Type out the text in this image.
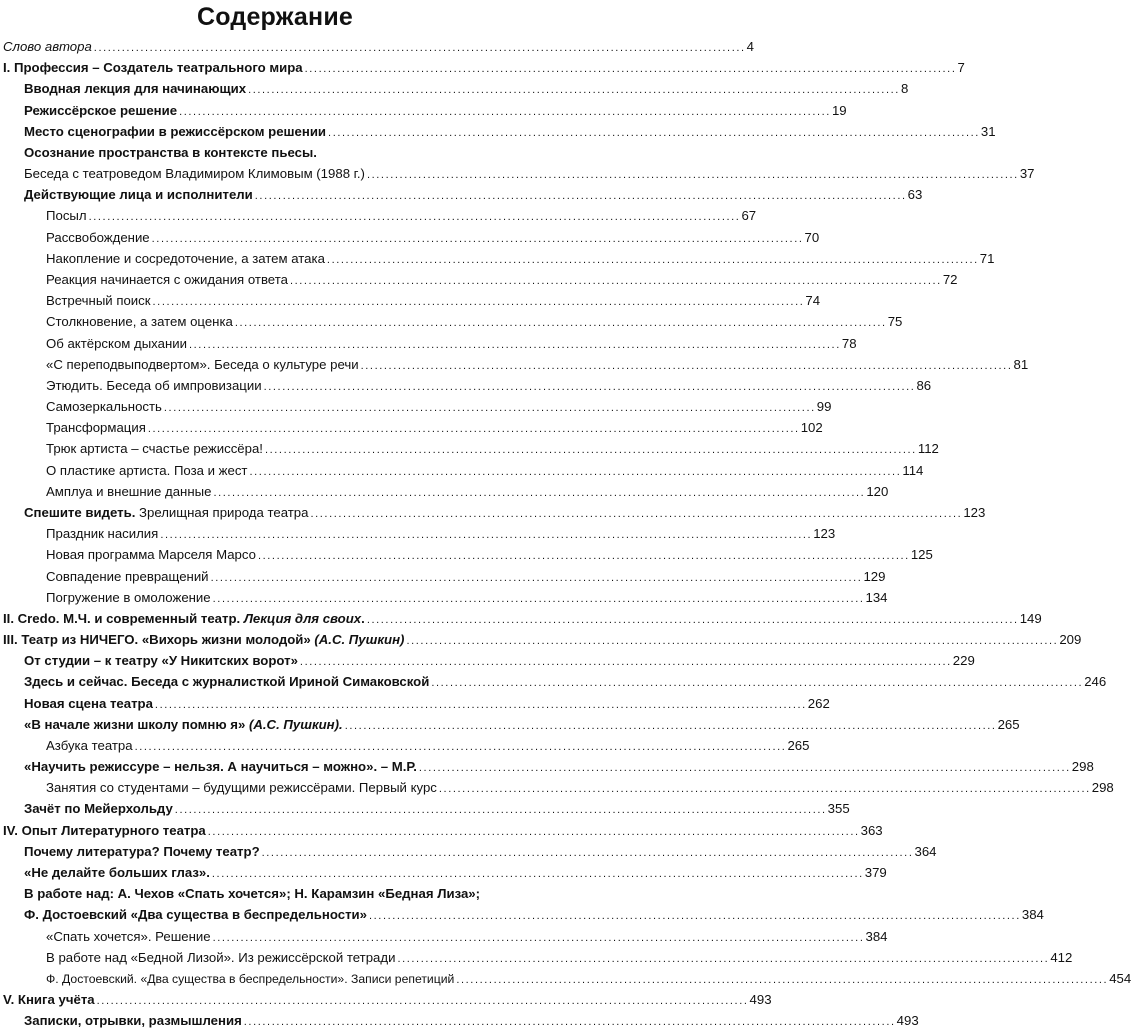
Содержание
Слово автора ............................................................................................................................................ 4
I. Профессия – Создатель театрального мира ............................................................................................................................................ 7
Вводная лекция для начинающих ............................................................................................................................................ 8
Режиссёрское решение ............................................................................................................................................ 19
Место сценографии в режиссёрском решении ............................................................................................................................................ 31
Осознание пространства в контексте пьесы.
Беседа с театроведом Владимиром Климовым (1988 г.) ............................................................................................................................................ 37
Действующие лица и исполнители ............................................................................................................................................ 63
Посыл ............................................................................................................................................ 67
Рассвобождение ............................................................................................................................................ 70
Накопление и сосредоточение, а затем атака ............................................................................................................................................ 71
Реакция начинается с ожидания ответа ............................................................................................................................................ 72
Встречный поиск ............................................................................................................................................ 74
Столкновение, а затем оценка ............................................................................................................................................ 75
Об актёрском дыхании ............................................................................................................................................ 78
«С переподвыподвертом». Беседа о культуре речи ............................................................................................................................................ 81
Этюдить. Беседа об импровизации ............................................................................................................................................ 86
Самозеркальность ............................................................................................................................................ 99
Трансформация ............................................................................................................................................ 102
Трюк артиста – счастье режиссёра! ............................................................................................................................................ 112
О пластике артиста. Поза и жест ............................................................................................................................................ 114
Амплуа и внешние данные ............................................................................................................................................ 120
Спешите видеть. Зрелищная природа театра ............................................................................................................................................ 123
Праздник насилия ............................................................................................................................................ 123
Новая программа Марселя Марсо ............................................................................................................................................ 125
Совпадение превращений ............................................................................................................................................ 129
Погружение в омоложение ............................................................................................................................................ 134
II. Credo. М.Ч. и современный театр. Лекция для своих. ............................................................................................................................................ 149
III. Театр из НИЧЕГО. «Вихорь жизни молодой» (А.С. Пушкин) ............................................................................................................................................ 209
От студии – к театру «У Никитских ворот» ............................................................................................................................................ 229
Здесь и сейчас. Беседа с журналисткой Ириной Симаковской ............................................................................................................................................ 246
Новая сцена театра ............................................................................................................................................ 262
«В начале жизни школу помню я» (А.С. Пушкин). ............................................................................................................................................ 265
Азбука театра ............................................................................................................................................ 265
«Научить режиссуре – нельзя. А научиться – можно». – М.Р. ............................................................................................................................................ 298
Занятия со студентами – будущими режиссёрами. Первый курс ............................................................................................................................................ 298
Зачёт по Мейерхольду ............................................................................................................................................ 355
IV. Опыт Литературного театра ............................................................................................................................................ 363
Почему литература? Почему театр? ............................................................................................................................................ 364
«Не делайте больших глаз». ............................................................................................................................................ 379
В работе над: А. Чехов «Спать хочется»; Н. Карамзин «Бедная Лиза»;
Ф. Достоевский «Два существа в беспредельности» ............................................................................................................................................ 384
«Спать хочется». Решение ............................................................................................................................................ 384
В работе над «Бедной Лизой». Из режиссёрской тетради ............................................................................................................................................ 412
Ф. Достоевский. «Два существа в беспредельности». Записи репетиций ............................................................................................................................................ 454
V. Книга учёта ............................................................................................................................................ 493
Записки, отрывки, размышления ............................................................................................................................................ 493
